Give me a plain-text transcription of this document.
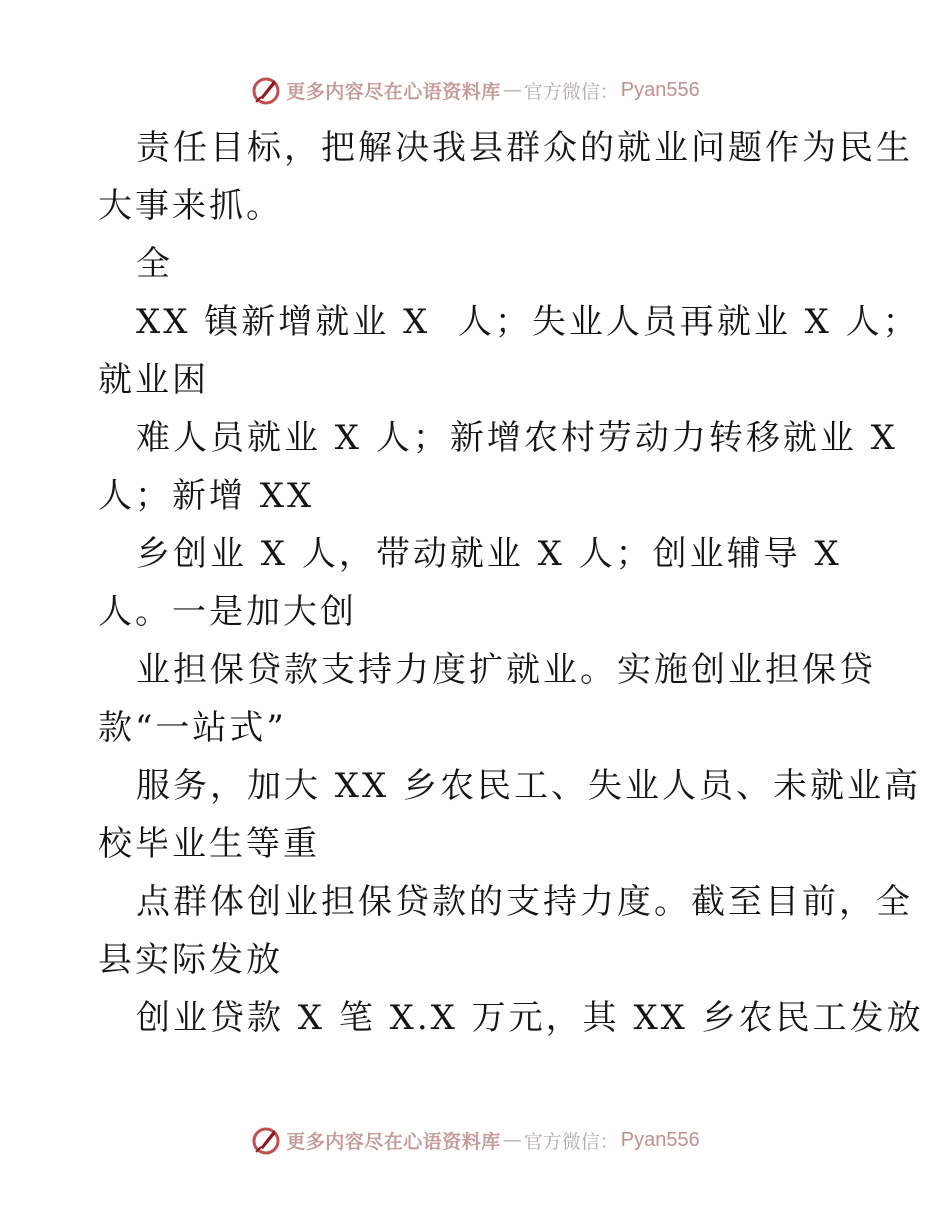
更多内容尽在心语资料库 — 官方微信： Pyan556
责任目标，把解决我县群众的就业问题作为民生
大事来抓。
全
XX 镇新增就业 X  人；失业人员再就业 X 人；
就业困
难人员就业 X 人；新增农村劳动力转移就业 X
人；新增 XX
乡创业 X 人，带动就业 X 人；创业辅导 X
人。一是加大创
业担保贷款支持力度扩就业。实施创业担保贷
款“一站式”
服务，加大 XX 乡农民工、失业人员、未就业高
校毕业生等重
点群体创业担保贷款的支持力度。截至目前，全
县实际发放
创业贷款 X 笔 X.X 万元，其 XX 乡农民工发放
更多内容尽在心语资料库 — 官方微信： Pyan556
